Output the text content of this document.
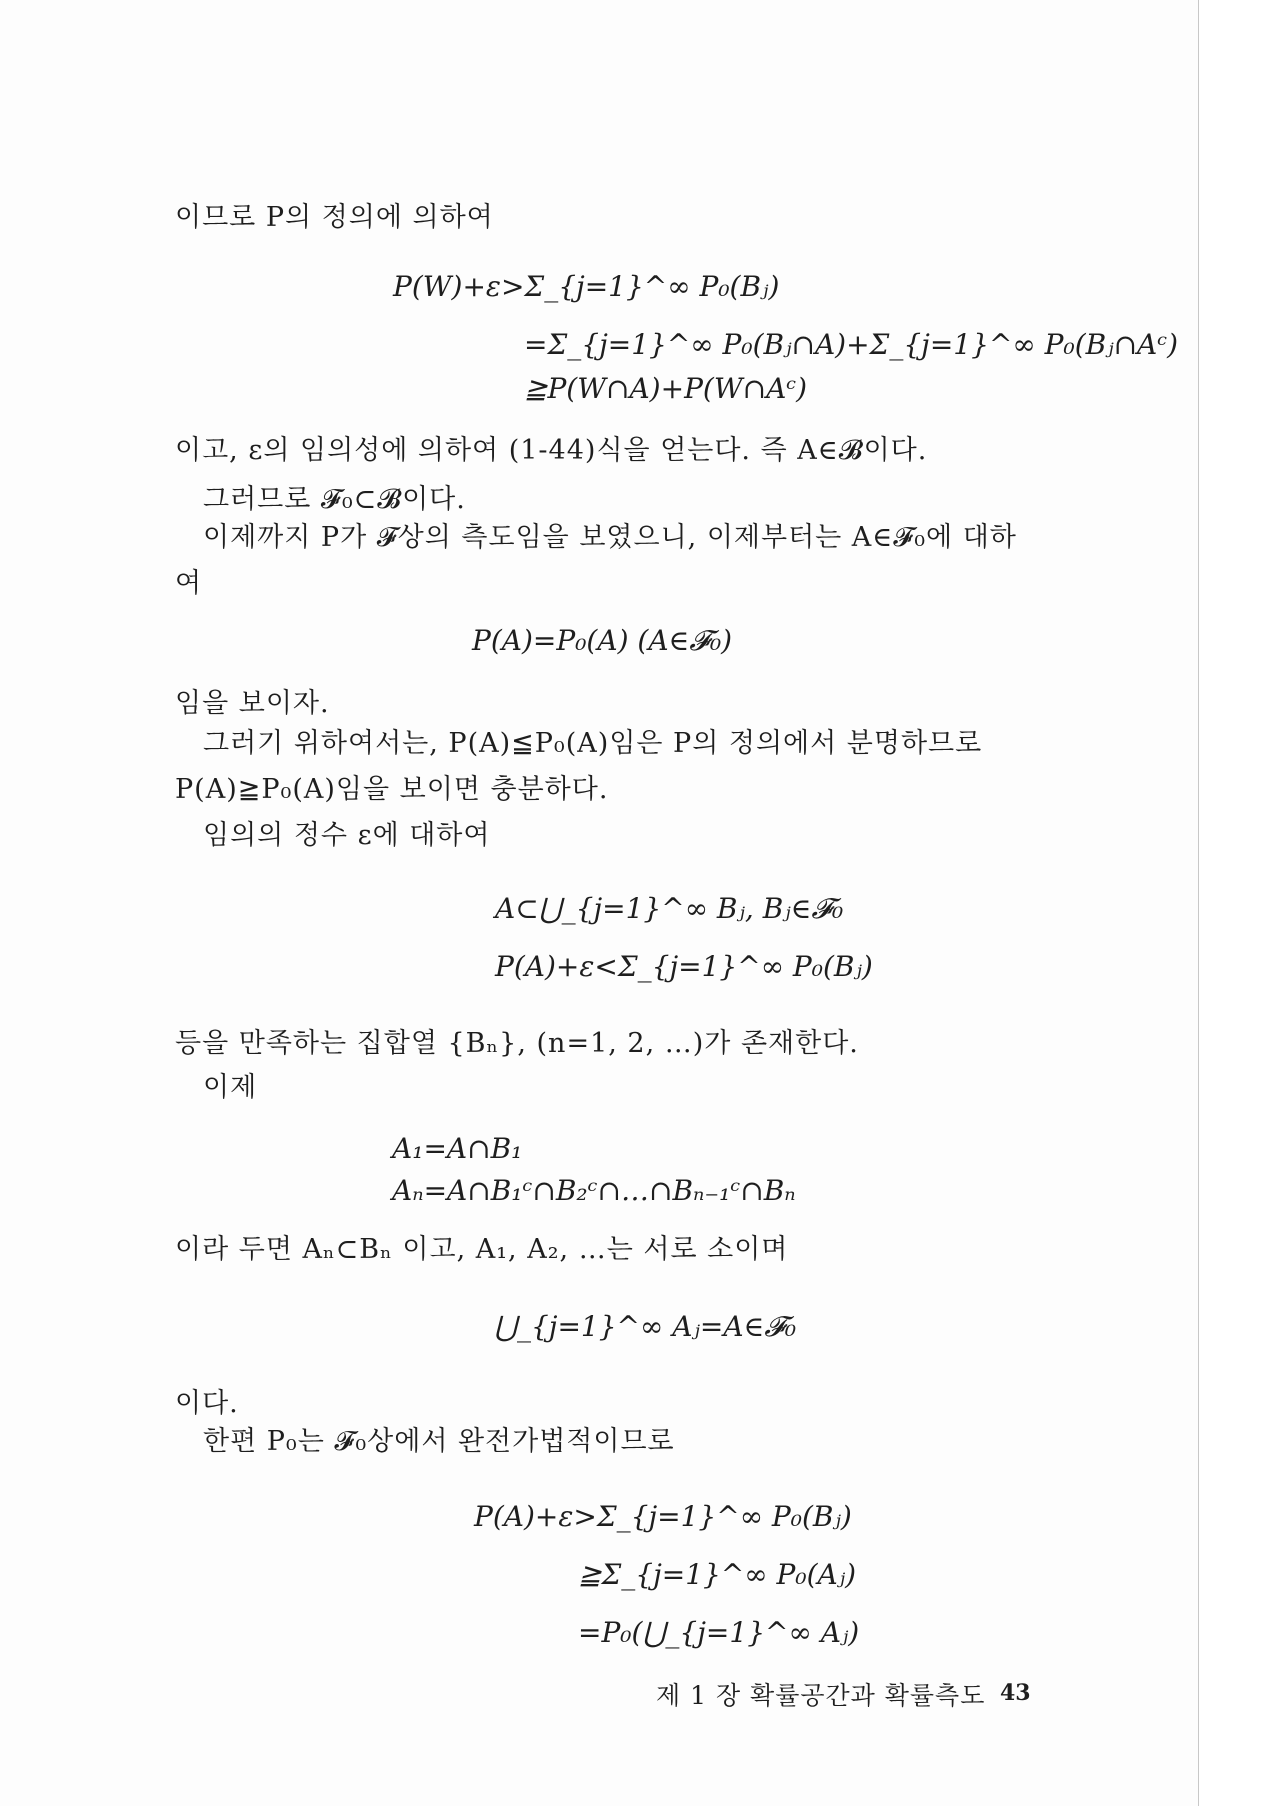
이므로 P의 정의에 의하여
P(W)+ε>Σ_{j=1}^∞ P₀(Bⱼ)
=Σ_{j=1}^∞ P₀(Bⱼ∩A)+Σ_{j=1}^∞ P₀(Bⱼ∩Aᶜ)
≧P(W∩A)+P(W∩Aᶜ)
이고, ε의 임의성에 의하여 (1-44)식을 얻는다. 즉 A∈𝓑이다.
그러므로 𝓕₀⊂𝓑이다.
이제까지 P가 𝓕상의 측도임을 보였으니, 이제부터는 A∈𝓕₀에 대하
여
P(A)=P₀(A) (A∈𝓕₀)
임을 보이자.
그러기 위하여서는, P(A)≦P₀(A)임은 P의 정의에서 분명하므로
P(A)≧P₀(A)임을 보이면 충분하다.
임의의 정수 ε에 대하여
A⊂⋃_{j=1}^∞ Bⱼ, Bⱼ∈𝓕₀
P(A)+ε<Σ_{j=1}^∞ P₀(Bⱼ)
등을 만족하는 집합열 {Bₙ}, (n=1, 2, …)가 존재한다.
이제
A₁=A∩B₁
Aₙ=A∩B₁ᶜ∩B₂ᶜ∩…∩Bₙ₋₁ᶜ∩Bₙ
이라 두면 Aₙ⊂Bₙ 이고, A₁, A₂, …는 서로 소이며
⋃_{j=1}^∞ Aⱼ=A∈𝓕₀
이다.
한편 P₀는 𝓕₀상에서 완전가법적이므로
P(A)+ε>Σ_{j=1}^∞ P₀(Bⱼ)
≧Σ_{j=1}^∞ P₀(Aⱼ)
=P₀(⋃_{j=1}^∞ Aⱼ)
제 1 장 확률공간과 확률측도 43
